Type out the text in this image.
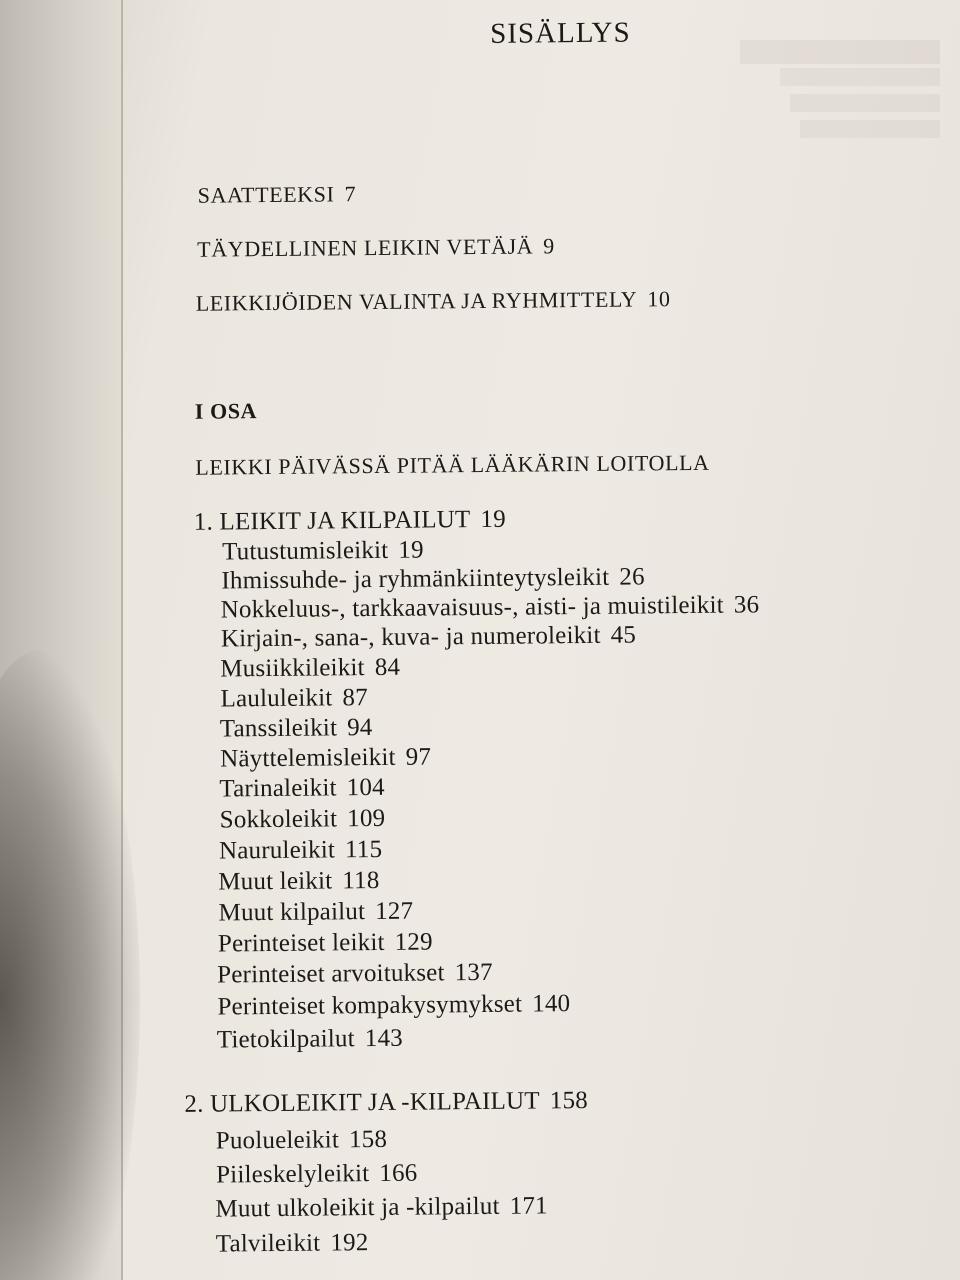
SISÄLLYS
SAATTEEKSI 7
TÄYDELLINEN LEIKIN VETÄJÄ 9
LEIKKIJÖIDEN VALINTA JA RYHMITTELY 10
I OSA
LEIKKI PÄIVÄSSÄ PITÄÄ LÄÄKÄRIN LOITOLLA
1. LEIKIT JA KILPAILUT 19
Tutustumisleikit 19
Ihmissuhde- ja ryhmänkiinteytysleikit 26
Nokkeluus-, tarkkaavaisuus-, aisti- ja muistileikit 36
Kirjain-, sana-, kuva- ja numeroleikit 45
Musiikkileikit 84
Laululeikit 87
Tanssileikit 94
Näyttelemisleikit 97
Tarinaleikit 104
Sokkoleikit 109
Nauruleikit 115
Muut leikit 118
Muut kilpailut 127
Perinteiset leikit 129
Perinteiset arvoitukset 137
Perinteiset kompakysymykset 140
Tietokilpailut 143
2. ULKOLEIKIT JA -KILPAILUT 158
Puolueleikit 158
Piileskelyleikit 166
Muut ulkoleikit ja -kilpailut 171
Talvileikit 192
